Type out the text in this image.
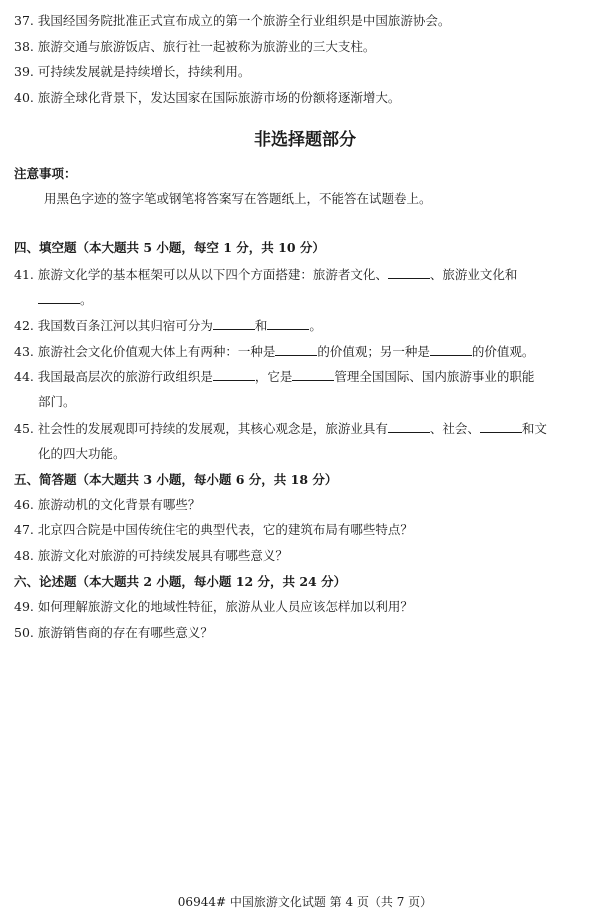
37. 我国经国务院批准正式宣布成立的第一个旅游全行业组织是中国旅游协会。
38. 旅游交通与旅游饭店、旅行社一起被称为旅游业的三大支柱。
39. 可持续发展就是持续增长，持续利用。
40. 旅游全球化背景下，发达国家在国际旅游市场的份额将逐渐增大。
非选择题部分
注意事项：
用黑色字迹的签字笔或钢笔将答案写在答题纸上，不能答在试题卷上。
四、填空题（本大题共 5 小题，每空 1 分，共 10 分）
41. 旅游文化学的基本框架可以从以下四个方面搭建：旅游者文化、	、旅游业文化和
。
42. 我国数百条江河以其归宿可分为	和	。
43. 旅游社会文化价值观大体上有两种：一种是	的价值观；另一种是	的价值观。
44. 我国最高层次的旅游行政组织是	，它是	管理全国国际、国内旅游事业的职能
部门。
45. 社会性的发展观即可持续的发展观，其核心观念是，旅游业具有	、社会、	和文
化的四大功能。
五、简答题（本大题共 3 小题，每小题 6 分，共 18 分）
46. 旅游动机的文化背景有哪些？
47. 北京四合院是中国传统住宅的典型代表，它的建筑布局有哪些特点？
48. 旅游文化对旅游的可持续发展具有哪些意义？
六、论述题（本大题共 2 小题，每小题 12 分，共 24 分）
49. 如何理解旅游文化的地域性特征，旅游从业人员应该怎样加以利用？
50. 旅游销售商的存在有哪些意义？
06944# 中国旅游文化试题 第 4 页（共 7 页）
